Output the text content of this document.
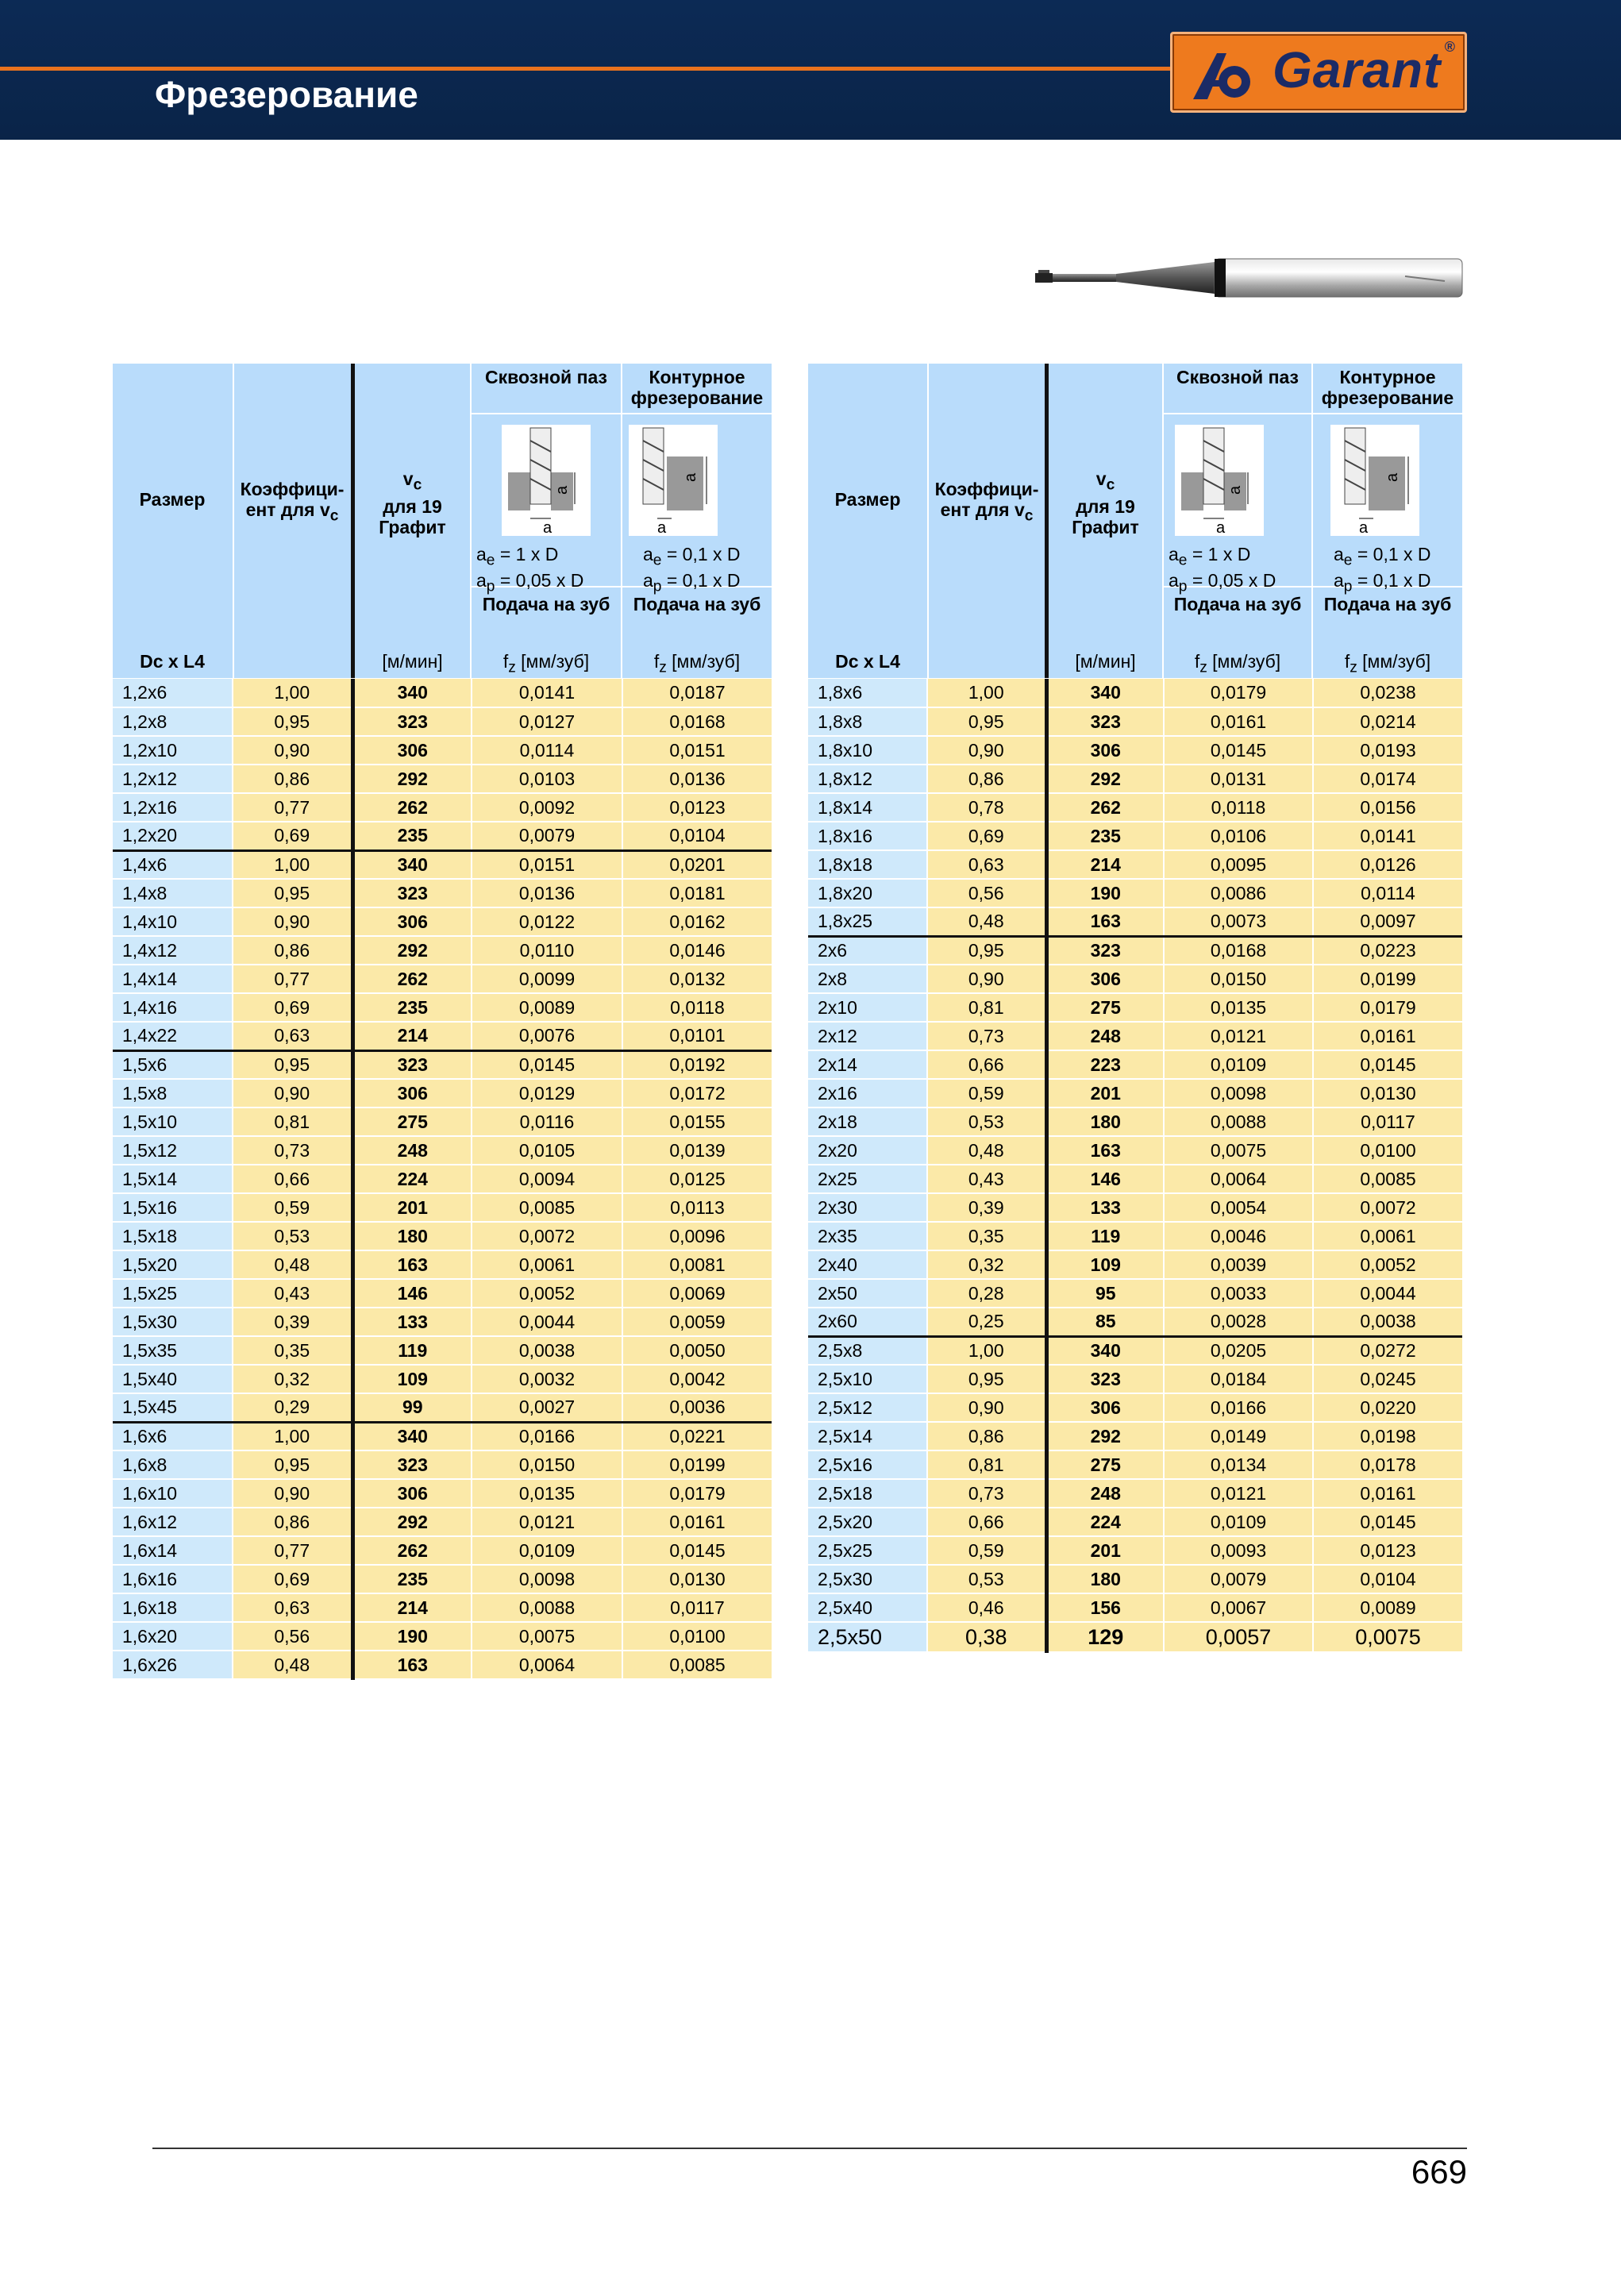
Фрезерование	Garant ®
Размер	Коэффици-ент для $v_c$
$v_c$
для 19
Графит
Сквозной паз	Контурное фрезерование
a
a
a
a
$a_e = 1$ x D
$a_p = 0,05$ x D
$a_e = 0,1$ x D
$a_p = 0,1$ x D
Подача на зуб	Подача на зуб
Dc x L4	[м/мин]	$f_z$ [мм/зуб]	$f_z$ [мм/зуб]
Размер	Коэффици-ент для $v_c$
$v_c$
для 19
Графит
Сквозной паз	Контурное фрезерование
a
a
a
a
$a_e = 1$ x D
$a_p = 0,05$ x D
$a_e = 0,1$ x D
$a_p = 0,1$ x D
Подача на зуб	Подача на зуб
Dc x L4	[м/мин]	$f_z$ [мм/зуб]	$f_z$ [мм/зуб]
1,2x6	1,00	340	0,0141	0,0187
1,2x8	0,95	323	0,0127	0,0168
1,2x10	0,90	306	0,0114	0,0151
1,2x12	0,86	292	0,0103	0,0136
1,2x16	0,77	262	0,0092	0,0123
1,2x20	0,69	235	0,0079	0,0104
1,4x6	1,00	340	0,0151	0,0201
1,4x8	0,95	323	0,0136	0,0181
1,4x10	0,90	306	0,0122	0,0162
1,4x12	0,86	292	0,0110	0,0146
1,4x14	0,77	262	0,0099	0,0132
1,4x16	0,69	235	0,0089	0,0118
1,4x22	0,63	214	0,0076	0,0101
1,5x6	0,95	323	0,0145	0,0192
1,5x8	0,90	306	0,0129	0,0172
1,5x10	0,81	275	0,0116	0,0155
1,5x12	0,73	248	0,0105	0,0139
1,5x14	0,66	224	0,0094	0,0125
1,5x16	0,59	201	0,0085	0,0113
1,5x18	0,53	180	0,0072	0,0096
1,5x20	0,48	163	0,0061	0,0081
1,5x25	0,43	146	0,0052	0,0069
1,5x30	0,39	133	0,0044	0,0059
1,5x35	0,35	119	0,0038	0,0050
1,5x40	0,32	109	0,0032	0,0042
1,5x45	0,29	99	0,0027	0,0036
1,6x6	1,00	340	0,0166	0,0221
1,6x8	0,95	323	0,0150	0,0199
1,6x10	0,90	306	0,0135	0,0179
1,6x12	0,86	292	0,0121	0,0161
1,6x14	0,77	262	0,0109	0,0145
1,6x16	0,69	235	0,0098	0,0130
1,6x18	0,63	214	0,0088	0,0117
1,6x20	0,56	190	0,0075	0,0100
1,6x26	0,48	163	0,0064	0,0085
1,8x6	1,00	340	0,0179	0,0238
1,8x8	0,95	323	0,0161	0,0214
1,8x10	0,90	306	0,0145	0,0193
1,8x12	0,86	292	0,0131	0,0174
1,8x14	0,78	262	0,0118	0,0156
1,8x16	0,69	235	0,0106	0,0141
1,8x18	0,63	214	0,0095	0,0126
1,8x20	0,56	190	0,0086	0,0114
1,8x25	0,48	163	0,0073	0,0097
2x6	0,95	323	0,0168	0,0223
2x8	0,90	306	0,0150	0,0199
2x10	0,81	275	0,0135	0,0179
2x12	0,73	248	0,0121	0,0161
2x14	0,66	223	0,0109	0,0145
2x16	0,59	201	0,0098	0,0130
2x18	0,53	180	0,0088	0,0117
2x20	0,48	163	0,0075	0,0100
2x25	0,43	146	0,0064	0,0085
2x30	0,39	133	0,0054	0,0072
2x35	0,35	119	0,0046	0,0061
2x40	0,32	109	0,0039	0,0052
2x50	0,28	95	0,0033	0,0044
2x60	0,25	85	0,0028	0,0038
2,5x8	1,00	340	0,0205	0,0272
2,5x10	0,95	323	0,0184	0,0245
2,5x12	0,90	306	0,0166	0,0220
2,5x14	0,86	292	0,0149	0,0198
2,5x16	0,81	275	0,0134	0,0178
2,5x18	0,73	248	0,0121	0,0161
2,5x20	0,66	224	0,0109	0,0145
2,5x25	0,59	201	0,0093	0,0123
2,5x30	0,53	180	0,0079	0,0104
2,5x40	0,46	156	0,0067	0,0089
2,5x50	0,38	129	0,0057	0,0075
669
